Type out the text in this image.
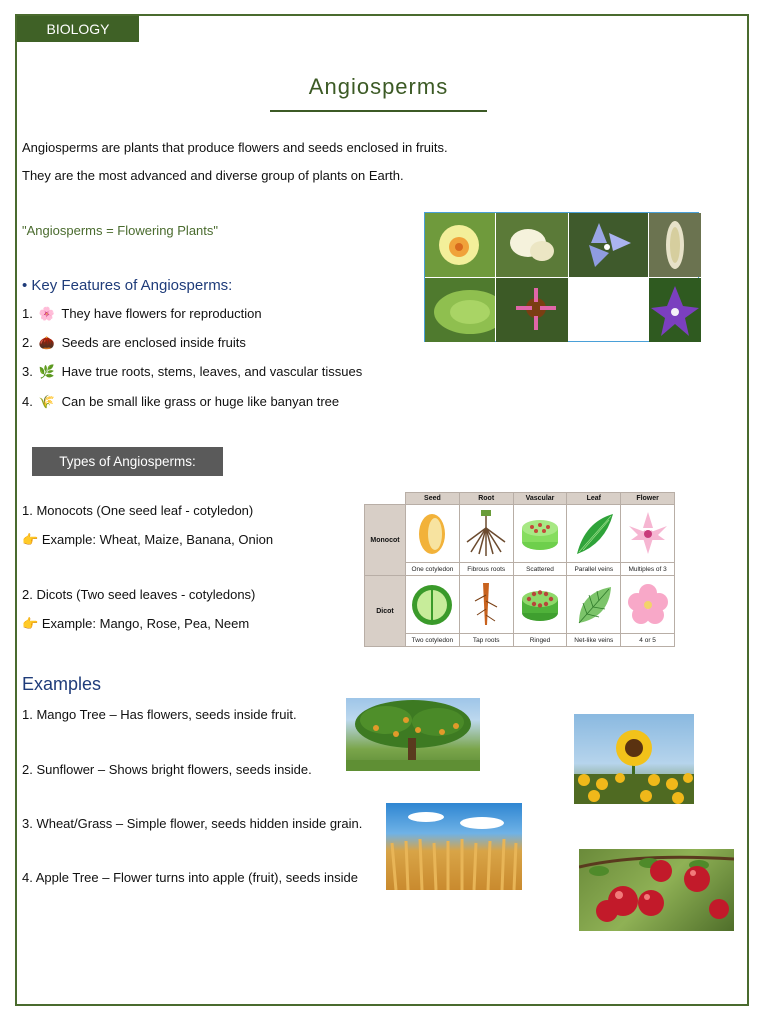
BIOLOGY
Angiosperms
Angiosperms are plants that produce flowers and seeds enclosed in fruits.
They are the most advanced and diverse group of plants on Earth.
"Angiosperms = Flowering Plants"
• Key Features of Angiosperms:
1. 🌸 They have flowers for reproduction
2. 🌰 Seeds are enclosed inside fruits
3. 🌿 Have true roots, stems, leaves, and vascular tissues
4. 🌾 Can be small like grass or huge like banyan tree
Types of Angiosperms:
1. Monocots (One seed leaf - cotyledon)
👉 Example: Wheat, Maize, Banana, Onion
2. Dicots (Two seed leaves - cotyledons)
👉 Example: Mango, Rose, Pea, Neem
	Seed	Root	Vascular	Leaf	Flower
Monocot					
	One cotyledon	Fibrous roots	Scattered	Parallel veins	Multiples of 3
Dicot					
	Two cotyledon	Tap roots	Ringed	Net-like veins	4 or 5
Examples
1. Mango Tree – Has flowers, seeds inside fruit.
2. Sunflower – Shows bright flowers, seeds inside.
3. Wheat/Grass – Simple flower, seeds hidden inside grain.
4. Apple Tree – Flower turns into apple (fruit), seeds inside
